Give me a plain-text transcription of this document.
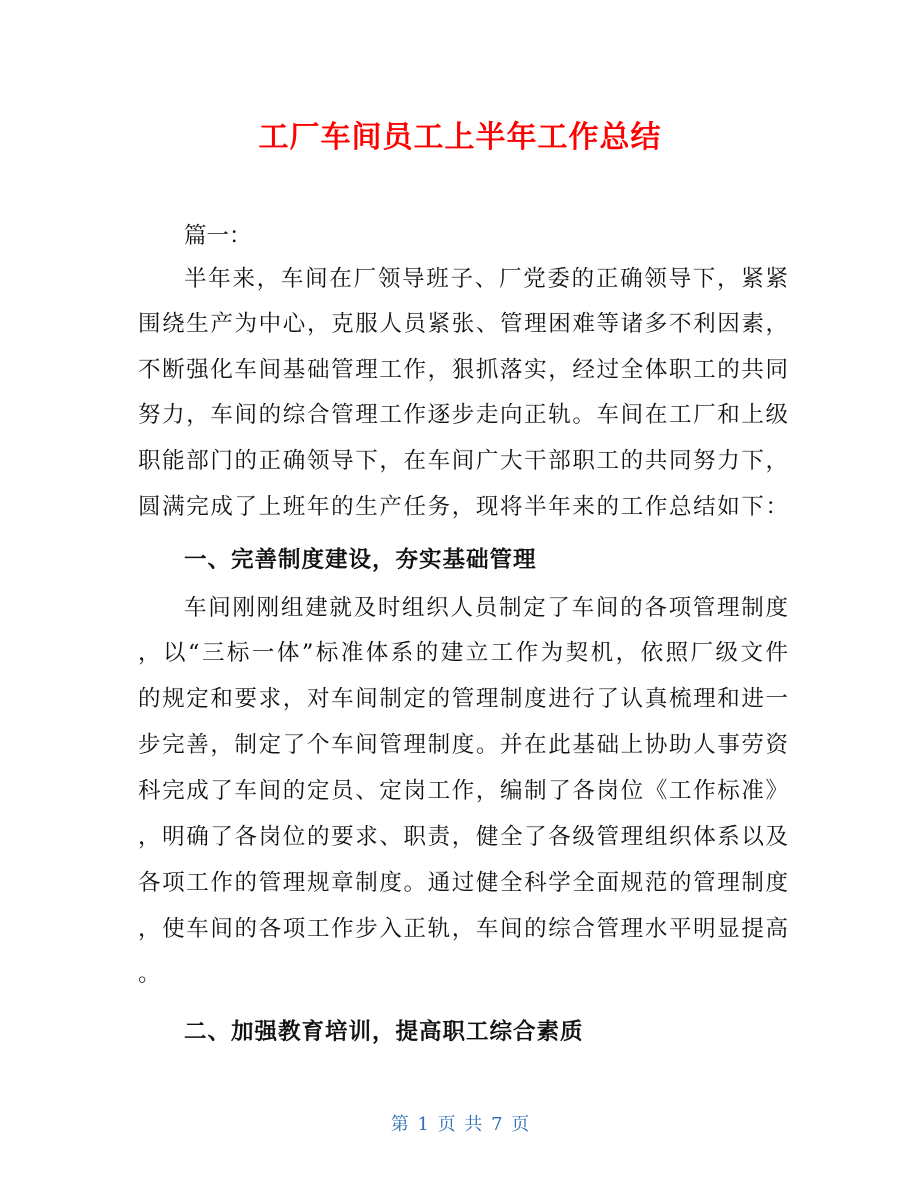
工厂车间员工上半年工作总结
篇一：
半年来，车间在厂领导班子、厂党委的正确领导下，紧紧
围绕生产为中心，克服人员紧张、管理困难等诸多不利因素，
不断强化车间基础管理工作，狠抓落实，经过全体职工的共同
努力，车间的综合管理工作逐步走向正轨。车间在工厂和上级
职能部门的正确领导下，在车间广大干部职工的共同努力下，
圆满完成了上班年的生产任务，现将半年来的工作总结如下：
一、完善制度建设，夯实基础管理
车间刚刚组建就及时组织人员制定了车间的各项管理制度
，以“三标一体”标准体系的建立工作为契机，依照厂级文件
的规定和要求，对车间制定的管理制度进行了认真梳理和进一
步完善，制定了个车间管理制度。并在此基础上协助人事劳资
科完成了车间的定员、定岗工作，编制了各岗位《工作标准》
，明确了各岗位的要求、职责，健全了各级管理组织体系以及
各项工作的管理规章制度。通过健全科学全面规范的管理制度
，使车间的各项工作步入正轨，车间的综合管理水平明显提高
。
二、加强教育培训，提高职工综合素质
第 1 页 共 7 页
